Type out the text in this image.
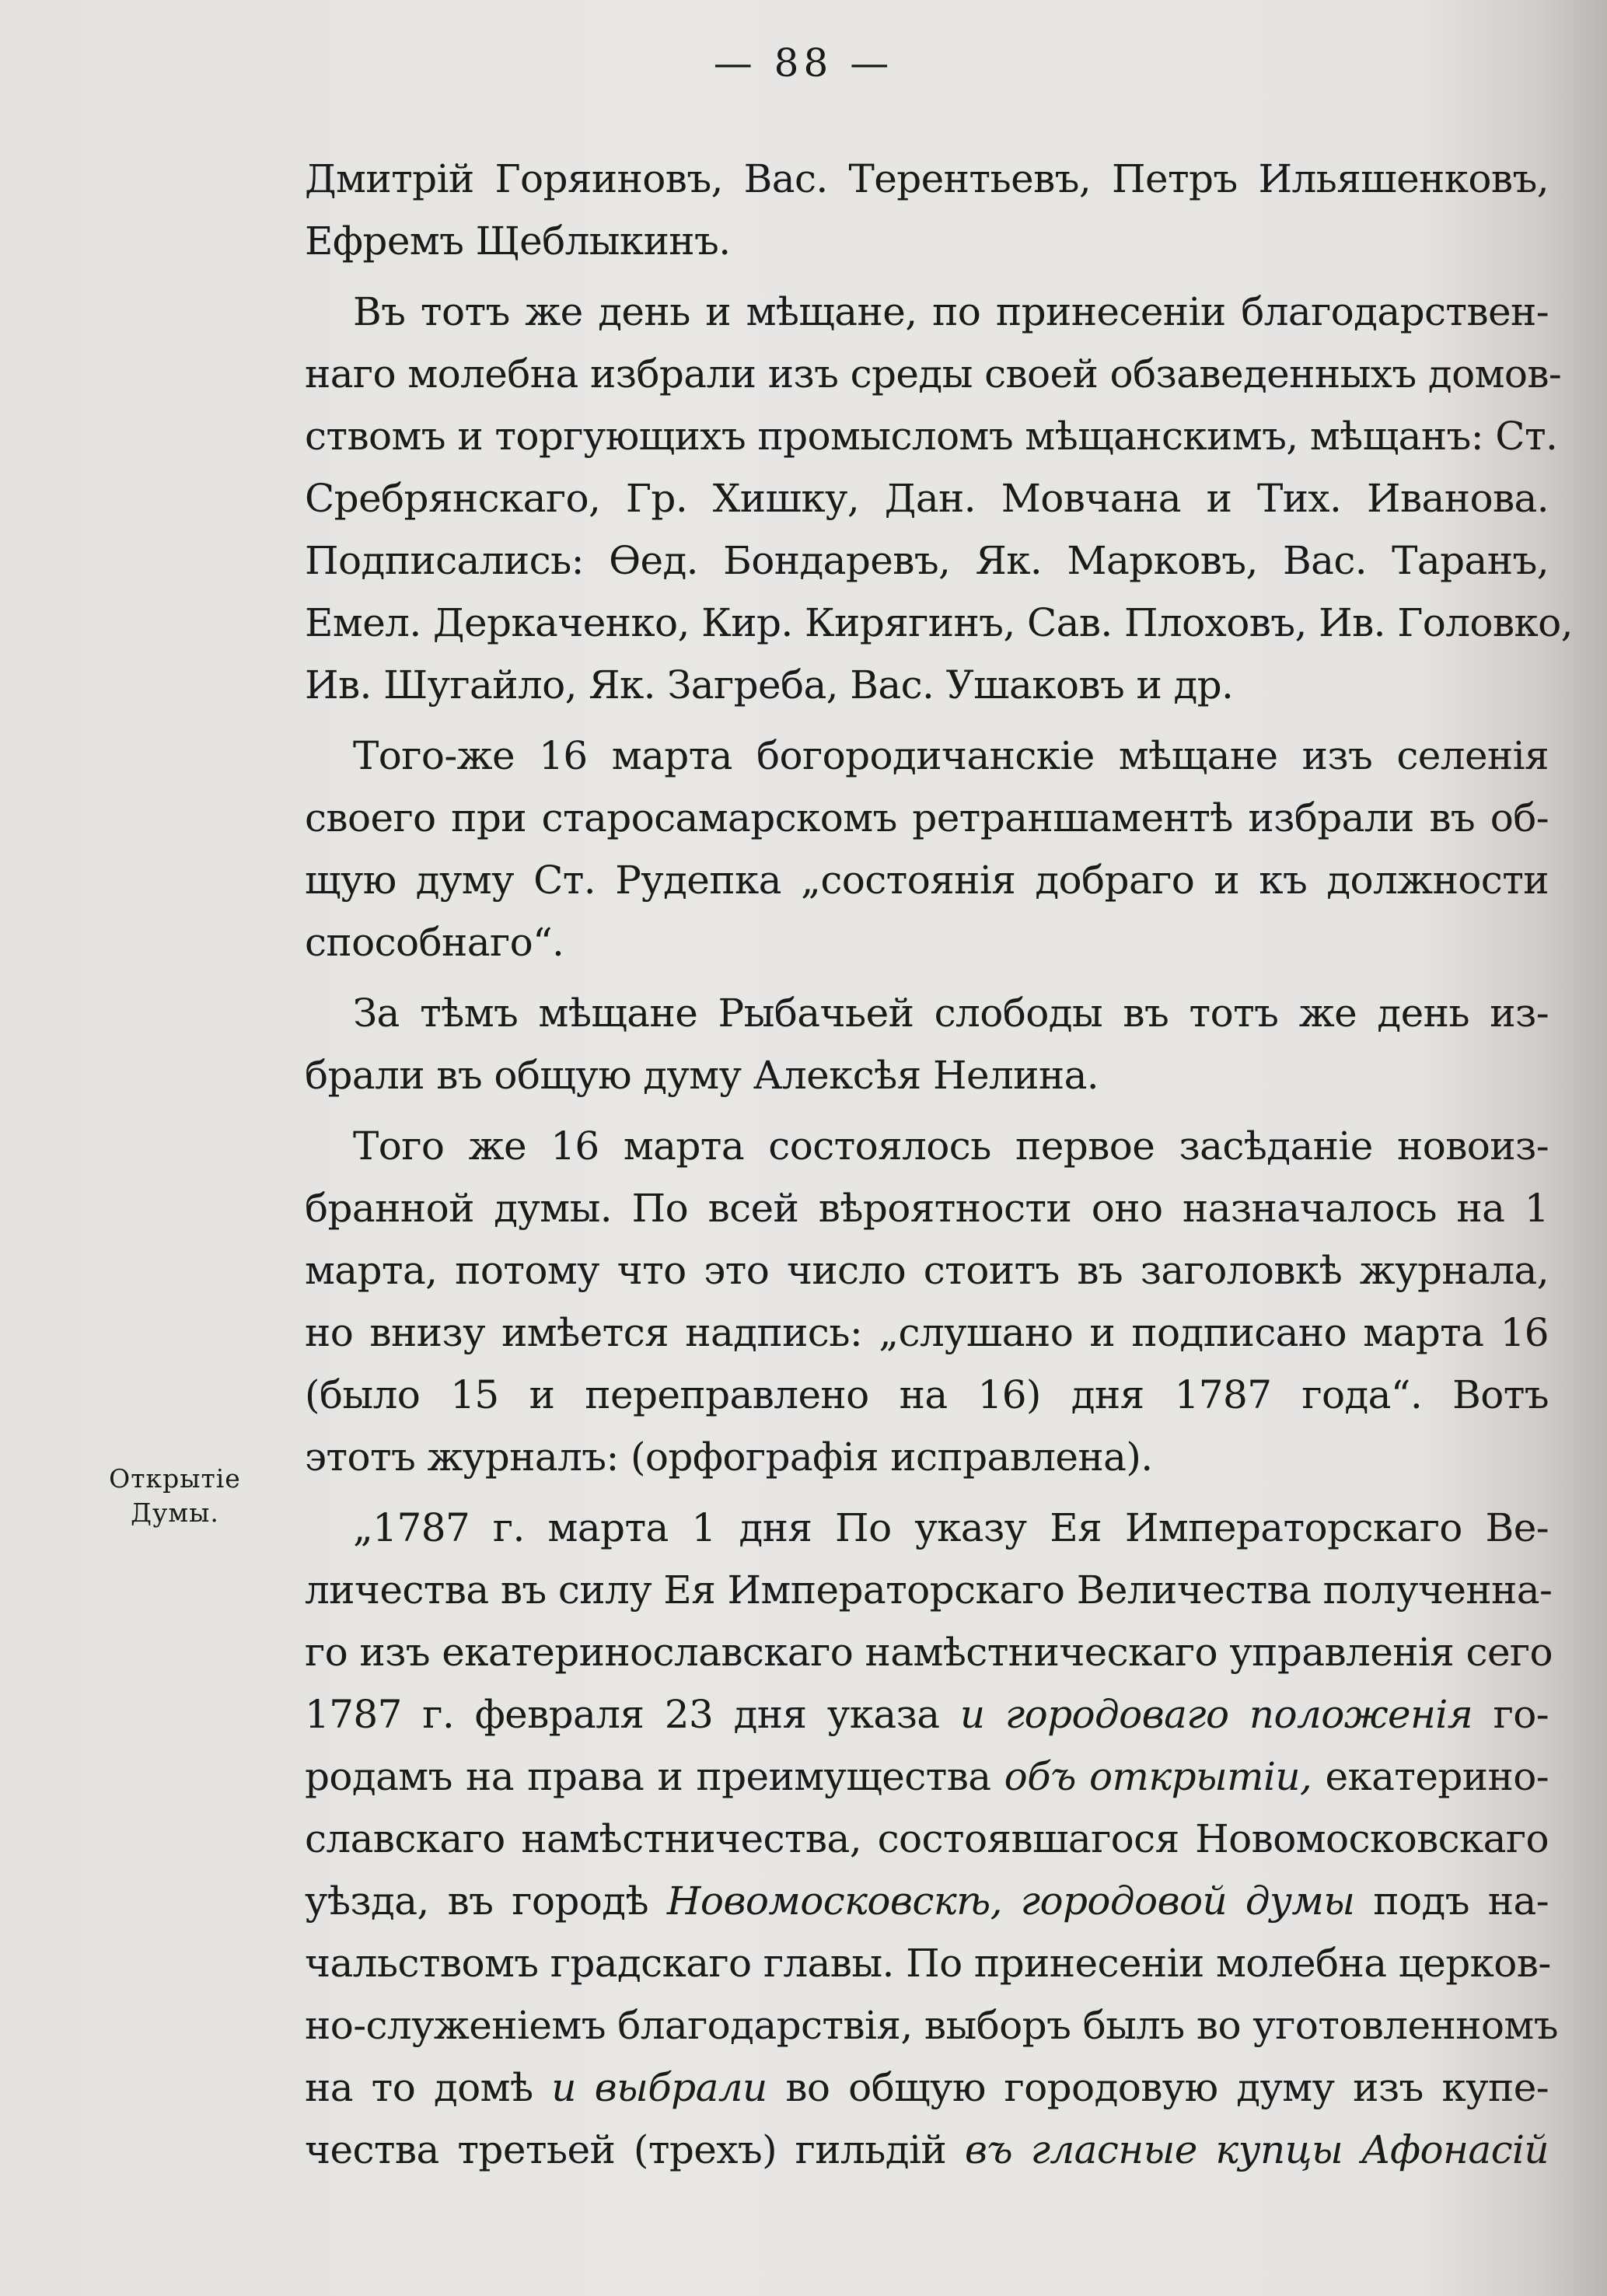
— 88 —
Открытіе
Думы.
Дмитрій Горяиновъ, Вас. Терентьевъ, Петръ Ильяшенковъ,
Ефремъ Щеблыкинъ.
Въ тотъ же день и мѣщане, по принесеніи благодарствен-
наго молебна избрали изъ среды своей обзаведенныхъ домов-
ствомъ и торгующихъ промысломъ мѣщанскимъ, мѣщанъ: Ст.
Сребрянскаго, Гр. Хишку, Дан. Мовчана и Тих. Иванова.
Подписались: Ѳед. Бондаревъ, Як. Марковъ, Вас. Таранъ,
Емел. Деркаченко, Кир. Кирягинъ, Сав. Плоховъ, Ив. Головко,
Ив. Шугайло, Як. Загреба, Вас. Ушаковъ и др.
Того-же 16 марта богородичанскіе мѣщане изъ селенія
своего при старосамарскомъ ретраншаментѣ избрали въ об-
щую думу Ст. Рудепка „состоянія добраго и къ должности
способнаго“.
За тѣмъ мѣщане Рыбачьей слободы въ тотъ же день из-
брали въ общую думу Алексѣя Нелина.
Того же 16 марта состоялось первое засѣданіе новоиз-
бранной думы. По всей вѣроятности оно назначалось на 1
марта, потому что это число стоитъ въ заголовкѣ журнала,
но внизу имѣется надпись: „слушано и подписано марта 16
(было 15 и переправлено на 16) дня 1787 года“. Вотъ
этотъ журналъ: (орфографія исправлена).
„1787 г. марта 1 дня По указу Ея Императорскаго Ве-
личества въ силу Ея Императорскаго Величества полученна-
го изъ екатеринославскаго намѣстническаго управленія сего
1787 г. февраля 23 дня указа и городоваго положенія го-
родамъ на права и преимущества объ открытіи, екатерино-
славскаго намѣстничества, состоявшагося Новомосковскаго
уѣзда, въ городѣ Новомосковскѣ, городовой думы подъ на-
чальствомъ градскаго главы. По принесеніи молебна церков-
но-служеніемъ благодарствія, выборъ былъ во уготовленномъ
на то домѣ и выбрали во общую городовую думу изъ купе-
чества третьей (трехъ) гильдій въ гласные купцы Афонасій
